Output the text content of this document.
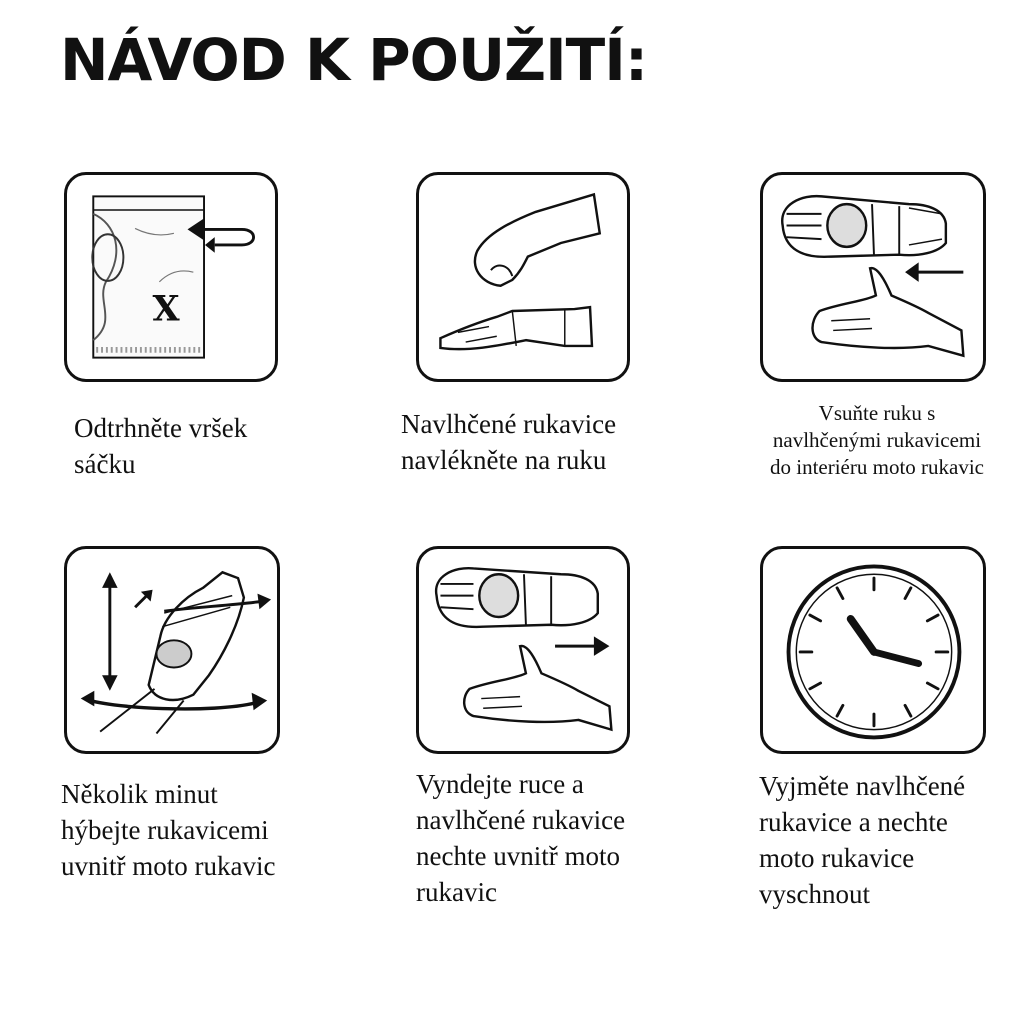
NÁVOD K POUŽITÍ:
X
Odtrhněte vršek
sáčku
Navlhčené rukavice
navlékněte na ruku
Vsuňte ruku s
navlhčenými rukavicemi
do interiéru moto rukavic
Několik minut
hýbejte rukavicemi
uvnitř moto rukavic
Vyndejte ruce a
navlhčené rukavice
nechte uvnitř moto
rukavic
Vyjměte navlhčené
rukavice a nechte
moto rukavice
vyschnout
